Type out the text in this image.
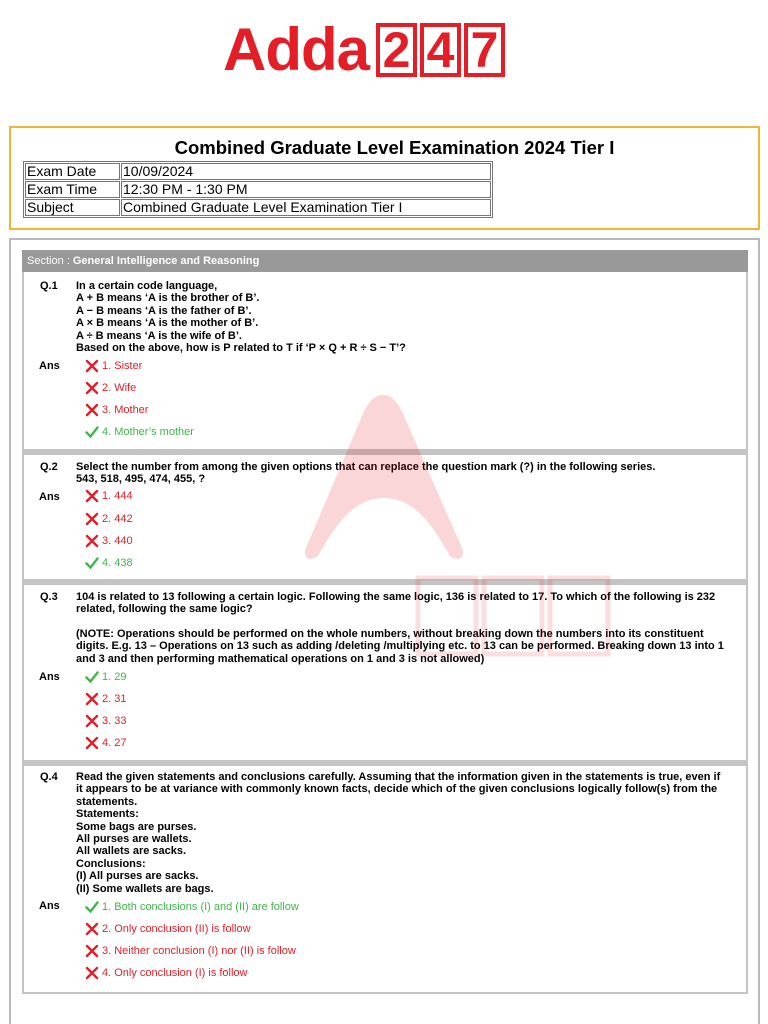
Adda 2 4 7
Combined Graduate Level Examination 2024 Tier I
Exam Date	10/09/2024
Exam Time	12:30 PM - 1:30 PM
Subject	Combined Graduate Level Examination Tier I
Section : General Intelligence and Reasoning
Q.1 In a certain code language,
A + B means ‘A is the brother of B’.
A − B means ‘A is the father of B’.
A × B means ‘A is the mother of B’.
A ÷ B means ‘A is the wife of B’.
Based on the above, how is P related to T if ‘P × Q + R ÷ S − T’?
Ans	1. Sister
2. Wife
3. Mother
4. Mother’s mother
Q.2 Select the number from among the given options that can replace the question mark (?) in the following series.
543, 518, 495, 474, 455, ?
Ans	1. 444
2. 442
3. 440
4. 438
Q.3 104 is related to 13 following a certain logic. Following the same logic, 136 is related to 17. To which of the following is 232
related, following the same logic?
(NOTE: Operations should be performed on the whole numbers, without breaking down the numbers into its constituent
digits. E.g. 13 – Operations on 13 such as adding /deleting /multiplying etc. to 13 can be performed. Breaking down 13 into 1
and 3 and then performing mathematical operations on 1 and 3 is not allowed)
Ans	1. 29
2. 31
3. 33
4. 27
Q.4 Read the given statements and conclusions carefully. Assuming that the information given in the statements is true, even if
it appears to be at variance with commonly known facts, decide which of the given conclusions logically follow(s) from the
statements.
Statements:
Some bags are purses.
All purses are wallets.
All wallets are sacks.
Conclusions:
(I) All purses are sacks.
(II) Some wallets are bags.
Ans	1. Both conclusions (I) and (II) are follow
2. Only conclusion (II) is follow
3. Neither conclusion (I) nor (II) is follow
4. Only conclusion (I) is follow
